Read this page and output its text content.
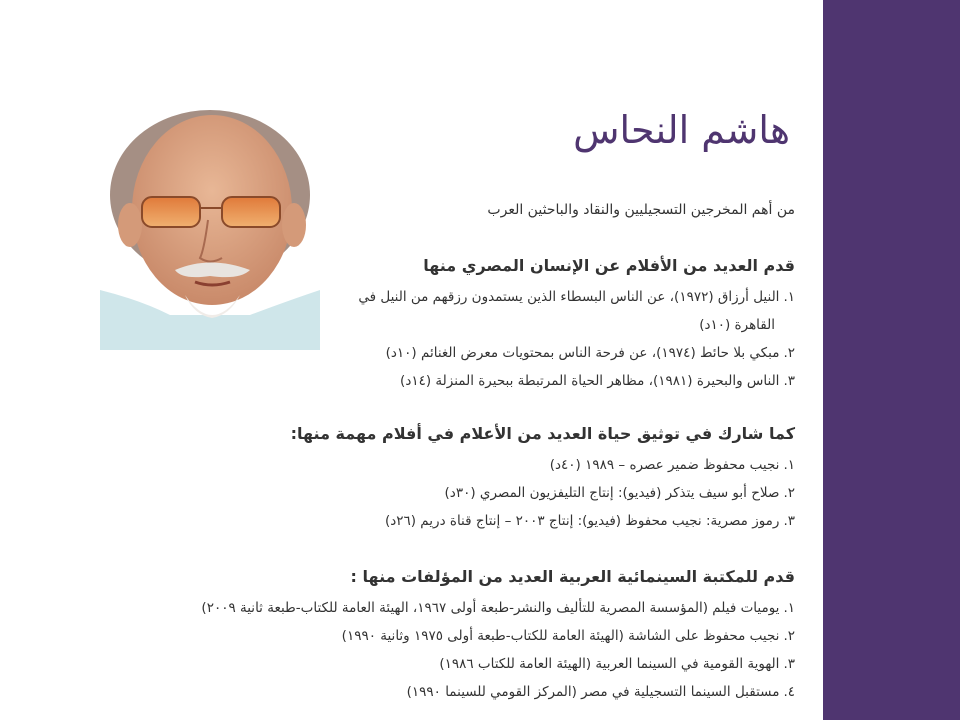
هاشم النحاس

من أهم المخرجين التسجيليين والنقاد والباحثين العرب

قدم العديد من الأفلام عن الإنسان المصري منها
١.النيل أرزاق (١٩٧٢)، عن الناس البسطاء الذين يستمدون رزقهم من النيل في
القاهرة (١٠د)
٢.مبكي بلا حائط (١٩٧٤)، عن فرحة الناس بمحتويات معرض الغنائم (١٠د)
٣.الناس والبحيرة (١٩٨١)، مظاهر الحياة المرتبطة ببحيرة المنزلة (١٤د)
كما شارك في توثيق حياة العديد من الأعلام في أفلام مهمة منها:
١.نجيب محفوظ ضمير عصره – ١٩٨٩ (٤٠د)
٢.صلاح أبو سيف يتذكر (فيديو): إنتاج التليفزيون المصري (٣٠د)
٣.رموز مصرية: نجيب محفوظ (فيديو): إنتاج ٢٠٠٣ – إنتاج قناة دريم (٢٦د)
قدم للمكتبة السينمائية العربية العديد من المؤلفات منها :
١.يوميات فيلم (المؤسسة المصرية للتأليف والنشر-طبعة أولى ١٩٦٧، الهيئة العامة للكتاب-طبعة ثانية ٢٠٠٩)
٢.نجيب محفوظ على الشاشة (الهيئة العامة للكتاب-طبعة أولى ١٩٧٥ وثانية ١٩٩٠)
٣.الهوية القومية في السينما العربية (الهيئة العامة للكتاب ١٩٨٦)
٤.مستقبل السينما التسجيلية في مصر (المركز القومي للسينما ١٩٩٠)
